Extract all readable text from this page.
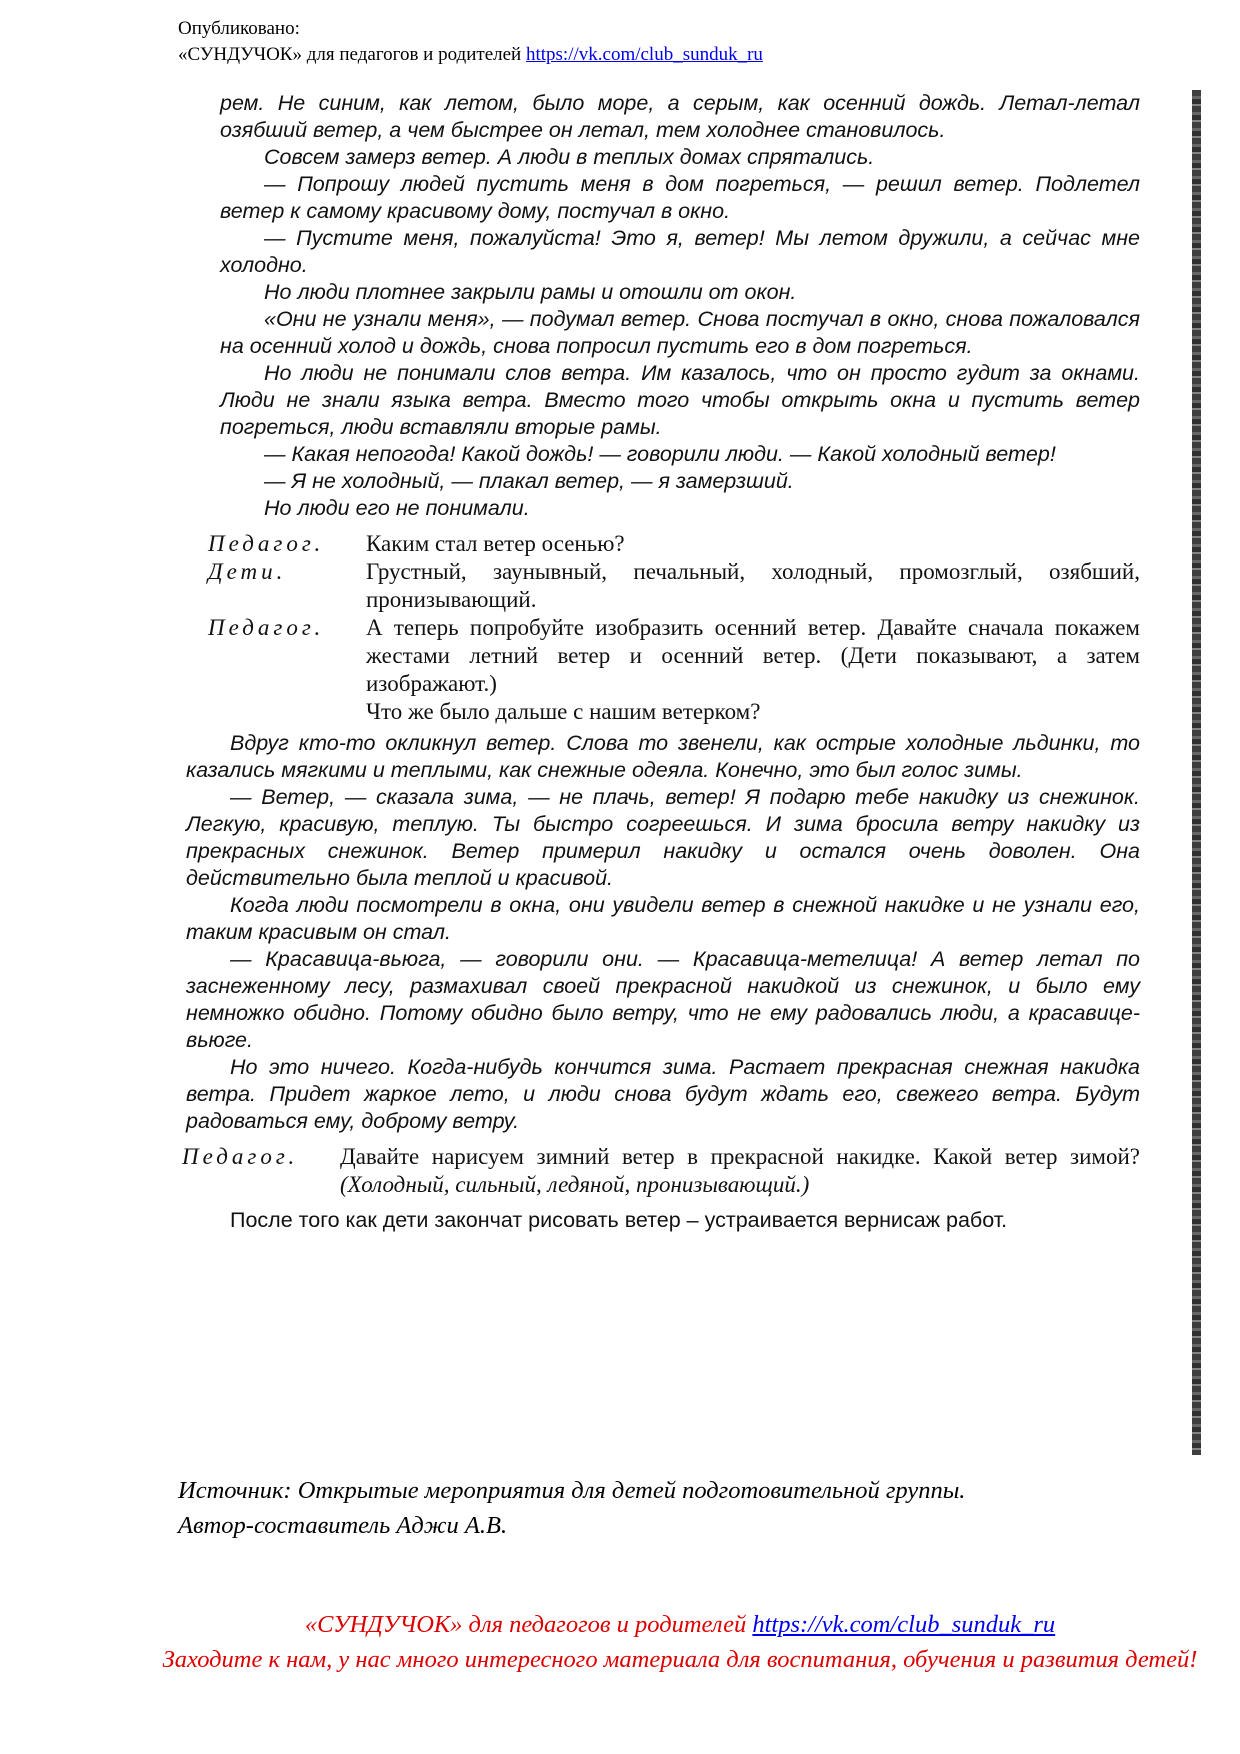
Опубликовано:
«СУНДУЧОК» для педагогов и родителей https://vk.com/club_sunduk_ru

рем. Не синим, как летом, было море, а серым, как осенний дождь. Летал-летал озябший ветер, а чем быстрее он летал, тем холоднее становилось.

Совсем замерз ветер. А люди в теплых домах спрятались.

— Попрошу людей пустить меня в дом погреться, — решил ветер. Подлетел ветер к самому красивому дому, постучал в окно.

— Пустите меня, пожалуйста! Это я, ветер! Мы летом дружили, а сейчас мне холодно.

Но люди плотнее закрыли рамы и отошли от окон.

«Они не узнали меня», — подумал ветер. Снова постучал в окно, снова пожаловался на осенний холод и дождь, снова попросил пустить его в дом погреться.

Но люди не понимали слов ветра. Им казалось, что он просто гудит за окнами. Люди не знали языка ветра. Вместо того чтобы открыть окна и пустить ветер погреться, люди вставляли вторые рамы.

— Какая непогода! Какой дождь! — говорили люди. — Какой холодный ветер!

— Я не холодный, — плакал ветер, — я замерзший.

Но люди его не понимали.

Педагог.	Каким стал ветер осенью?
Дети.	Грустный, заунывный, печальный, холодный, промозглый, озябший, пронизывающий.
Педагог.	А теперь попробуйте изобразить осенний ветер. Давайте сначала покажем жестами летний ветер и осенний ветер. (Дети показывают, а затем изображают.)
Что же было дальше с нашим ветерком?

Вдруг кто-то окликнул ветер. Слова то звенели, как острые холодные льдинки, то казались мягкими и теплыми, как снежные одеяла. Конечно, это был голос зимы.

— Ветер, — сказала зима, — не плачь, ветер! Я подарю тебе накидку из снежинок. Легкую, красивую, теплую. Ты быстро согреешься. И зима бросила ветру накидку из прекрасных снежинок. Ветер примерил накидку и остался очень доволен. Она действительно была теплой и красивой.

Когда люди посмотрели в окна, они увидели ветер в снежной накидке и не узнали его, таким красивым он стал.

— Красавица-вьюга, — говорили они. — Красавица-метелица! А ветер летал по заснеженному лесу, размахивал своей прекрасной накидкой из снежинок, и было ему немножко обидно. Потому обидно было ветру, что не ему радовались люди, а красавице-вьюге.

Но это ничего. Когда-нибудь кончится зима. Растает прекрасная снежная накидка ветра. Придет жаркое лето, и люди снова будут ждать его, свежего ветра. Будут радоваться ему, доброму ветру.

Педагог.	Давайте нарисуем зимний ветер в прекрасной накидке. Какой ветер зимой? (Холодный, сильный, ледяной, пронизывающий.)

После того как дети закончат рисовать ветер – устраивается вернисаж работ.

Источник: Открытые мероприятия для детей подготовительной группы.
Автор-составитель Аджи А.В.
«СУНДУЧОК» для педагогов и родителей https://vk.com/club_sunduk_ru
Заходите к нам, у нас много интересного материала для воспитания, обучения и развития детей!
